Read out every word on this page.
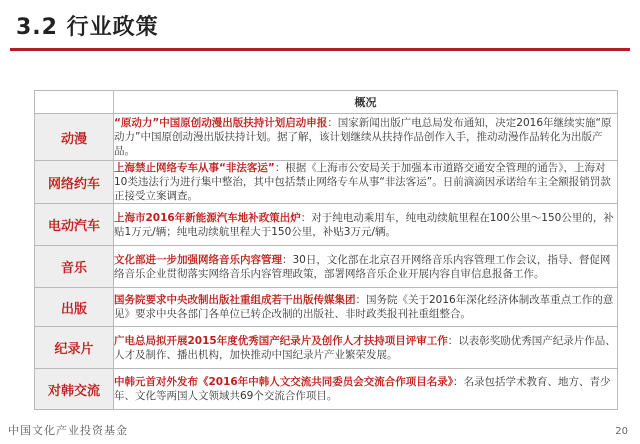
3.2 行业政策
	概况
动漫	“原动力”中国原创动漫出版扶持计划启动申报：国家新闻出版广电总局发布通知，决定2016年继续实施“原动力”中国原创动漫出版扶持计划。据了解，该计划继续从扶持作品创作入手，推动动漫作品转化为出版产品。
网络约车	上海禁止网络专车从事“非法客运”：根据《上海市公安局关于加强本市道路交通安全管理的通告》，上海对10类违法行为进行集中整治，其中包括禁止网络专车从事“非法客运”。日前滴滴因承诺给车主全额报销罚款正接受立案调查。
电动汽车	上海市2016年新能源汽车地补政策出炉：对于纯电动乘用车，纯电动续航里程在100公里～150公里的，补贴1万元/辆；纯电动续航里程大于150公里，补贴3万元/辆。
音乐	文化部进一步加强网络音乐内容管理：30日，文化部在北京召开网络音乐内容管理工作会议，指导、督促网络音乐企业贯彻落实网络音乐内容管理政策，部署网络音乐企业开展内容自审信息报备工作。
出版	国务院要求中央改制出版社重组成若干出版传媒集团：国务院《关于2016年深化经济体制改革重点工作的意见》要求中央各部门各单位已转企改制的出版社、非时政类报刊社重组整合。
纪录片	广电总局拟开展2015年度优秀国产纪录片及创作人才扶持项目评审工作：以表彰奖励优秀国产纪录片作品、人才及制作、播出机构，加快推动中国纪录片产业繁荣发展。
对韩交流	中韩元首对外发布《2016年中韩人文交流共同委员会交流合作项目名录》：名录包括学术教育、地方、青少年、文化等两国人文领域共69个交流合作项目。
中国文化产业投资基金	20
